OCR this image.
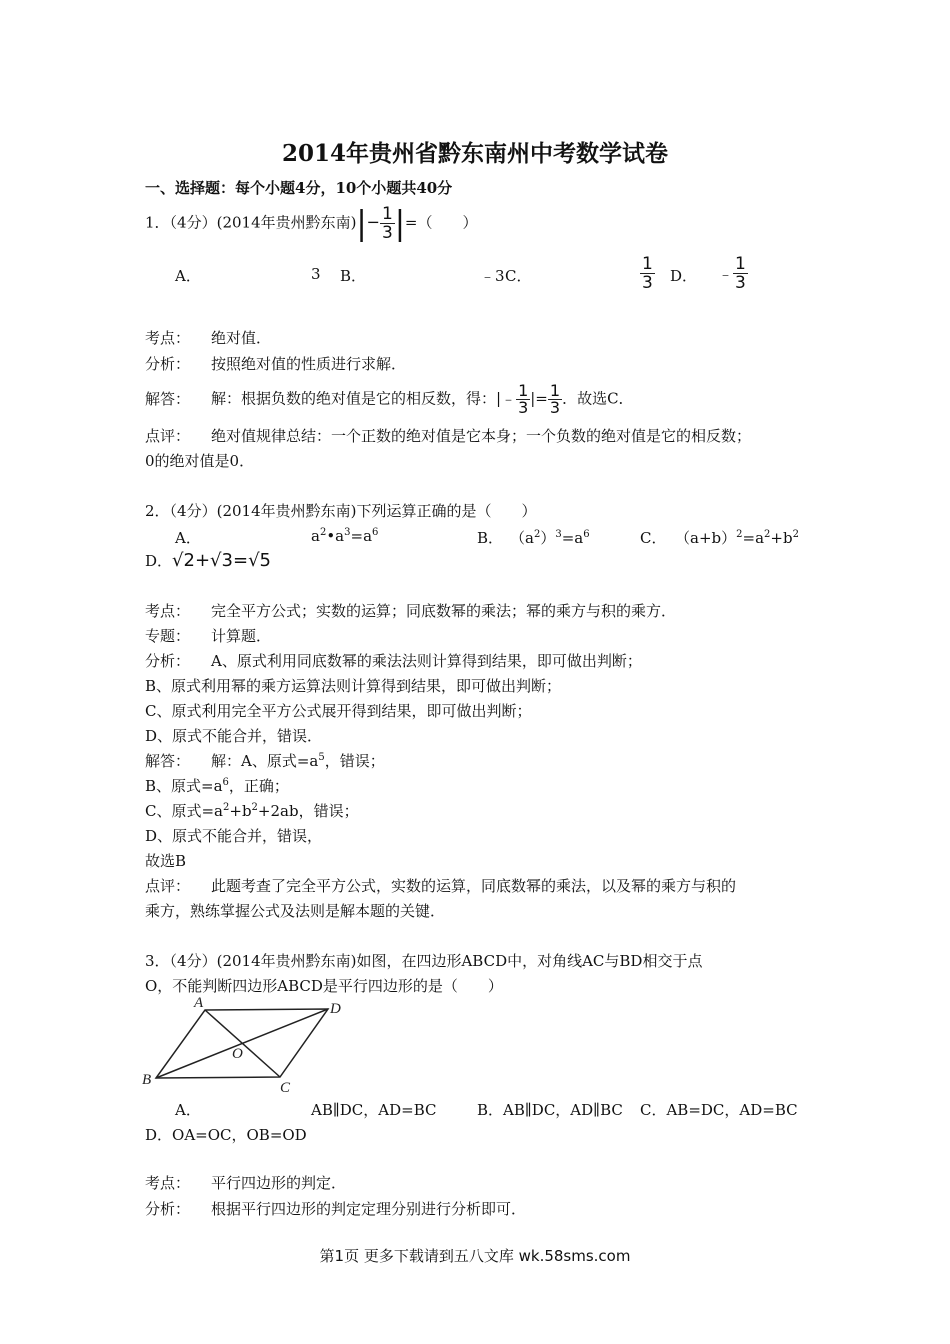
2014年贵州省黔东南州中考数学试卷
一、选择题：每个小题4分，10个小题共40分
1．（4分）(2014年贵州黔东南)|− $\frac{1}{3}$ |=（　　）
A．	3 B．	﹣3 C．	$\frac{1}{3}$ D． ﹣ $\frac{1}{3}$
考点： 绝对值．
分析： 按照绝对值的性质进行求解．
解答： 解：根据负数的绝对值是它的相反数，得：|﹣ $\frac{1}{3}$ |= $\frac{1}{3}$ ．故选C．
点评： 绝对值规律总结：一个正数的绝对值是它本身；一个负数的绝对值是它的相反数；
0的绝对值是0．
2．（4分）(2014年贵州黔东南)下列运算正确的是（　　）
A．	$a^2•a^3=a^6$	B． $(a^2)^3=a^6$	C． $(a+b)^2=a^2+b^2$
D．√2+√3=√5
考点： 完全平方公式；实数的运算；同底数幂的乘法；幂的乘方与积的乘方．
专题： 计算题．
分析： A、原式利用同底数幂的乘法法则计算得到结果，即可做出判断；
B、原式利用幂的乘方运算法则计算得到结果，即可做出判断；
C、原式利用完全平方公式展开得到结果，即可做出判断；
D、原式不能合并，错误．
解答： 解：A、原式$=a^5$，错误；
B、原式$=a^6$，正确；
C、原式$=a^2+b^2+2ab$，错误；
D、原式不能合并，错误，
故选B
点评： 此题考查了完全平方公式，实数的运算，同底数幂的乘法，以及幂的乘方与积的
乘方，熟练掌握公式及法则是解本题的关键．
3．（4分）(2014年贵州黔东南)如图，在四边形ABCD中，对角线AC与BD相交于点
O，不能判断四边形ABCD是平行四边形的是（　　）
A	D
B	C
O
A．	AB∥DC，AD=BC	B．AB∥DC，AD∥BC C．AB=DC，AD=BC
D．OA=OC，OB=OD
考点： 平行四边形的判定．
分析： 根据平行四边形的判定定理分别进行分析即可．
第1页 更多下载请到五八文库 wk.58sms.com
